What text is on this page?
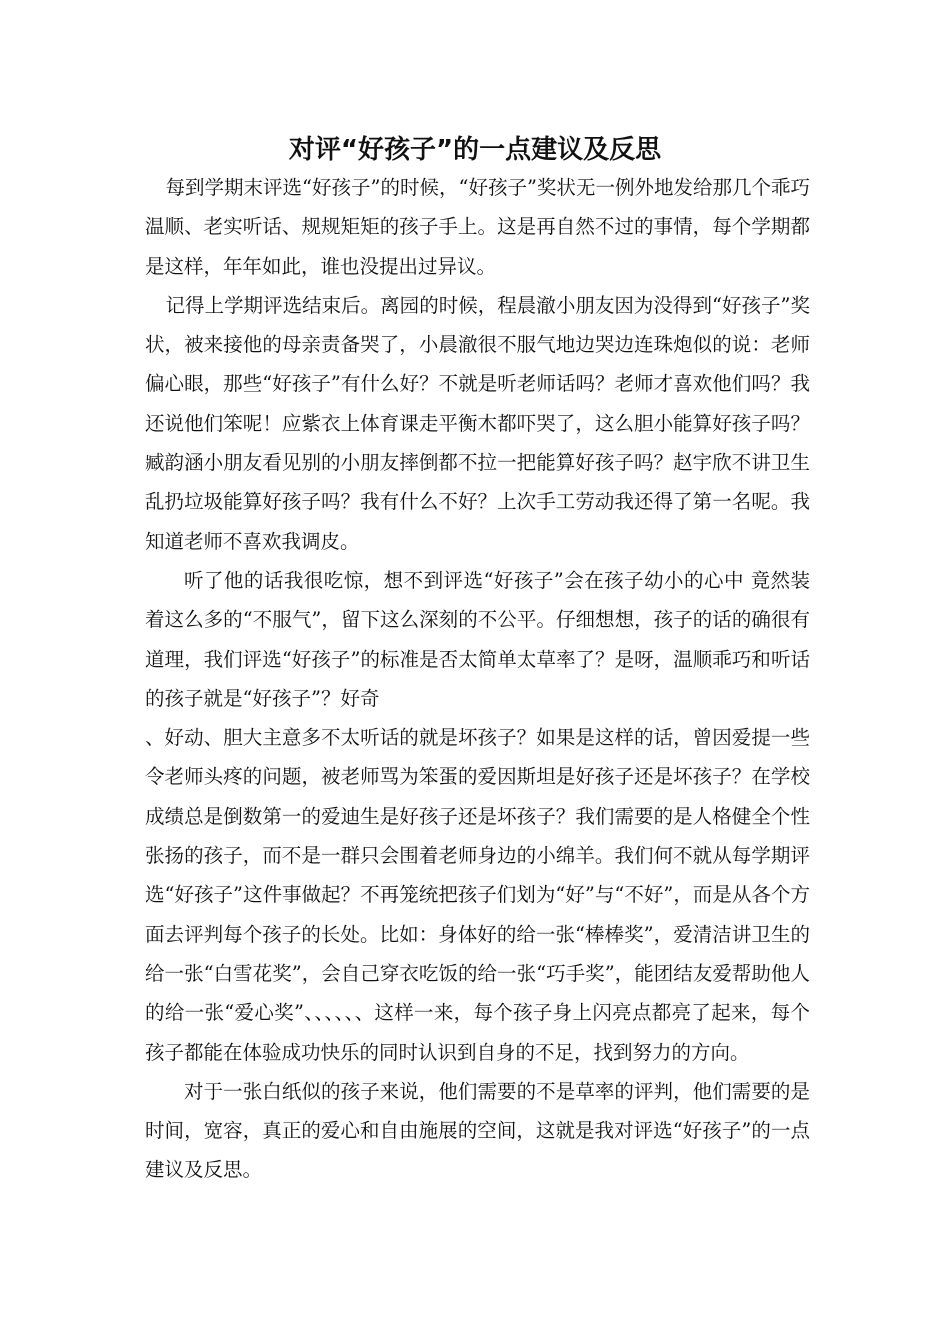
对评“好孩子”的一点建议及反思

每到学期末评选“好孩子”的时候，“好孩子”奖状无一例外地发给那几个乖巧温顺、老实听话、规规矩矩的孩子手上。这是再自然不过的事情，每个学期都是这样，年年如此，谁也没提出过异议。

记得上学期评选结束后。离园的时候，程晨澈小朋友因为没得到“好孩子”奖状，被来接他的母亲责备哭了，小晨澈很不服气地边哭边连珠炮似的说：老师偏心眼，那些“好孩子”有什么好？不就是听老师话吗？老师才喜欢他们吗？我还说他们笨呢！应紫衣上体育课走平衡木都吓哭了，这么胆小能算好孩子吗？臧韵涵小朋友看见别的小朋友摔倒都不拉一把能算好孩子吗？赵宇欣不讲卫生乱扔垃圾能算好孩子吗？我有什么不好？上次手工劳动我还得了第一名呢。我知道老师不喜欢我调皮。

听了他的话我很吃惊，想不到评选“好孩子”会在孩子幼小的心中 竟然装着这么多的“不服气”，留下这么深刻的不公平。仔细想想，孩子的话的确很有道理，我们评选“好孩子”的标准是否太简单太草率了？是呀，温顺乖巧和听话的孩子就是“好孩子”？好奇

、好动、胆大主意多不太听话的就是坏孩子？如果是这样的话，曾因爱提一些令老师头疼的问题，被老师骂为笨蛋的爱因斯坦是好孩子还是坏孩子？在学校成绩总是倒数第一的爱迪生是好孩子还是坏孩子？我们需要的是人格健全个性张扬的孩子，而不是一群只会围着老师身边的小绵羊。我们何不就从每学期评选“好孩子”这件事做起？不再笼统把孩子们划为“好”与“不好”，而是从各个方面去评判每个孩子的长处。比如：身体好的给一张“棒棒奖”，爱清洁讲卫生的给一张“白雪花奖”，会自己穿衣吃饭的给一张“巧手奖”，能团结友爱帮助他人的给一张“爱心奖”、、、、、、这样一来，每个孩子身上闪亮点都亮了起来，每个孩子都能在体验成功快乐的同时认识到自身的不足，找到努力的方向。

对于一张白纸似的孩子来说，他们需要的不是草率的评判，他们需要的是时间，宽容，真正的爱心和自由施展的空间，这就是我对评选“好孩子”的一点建议及反思。
